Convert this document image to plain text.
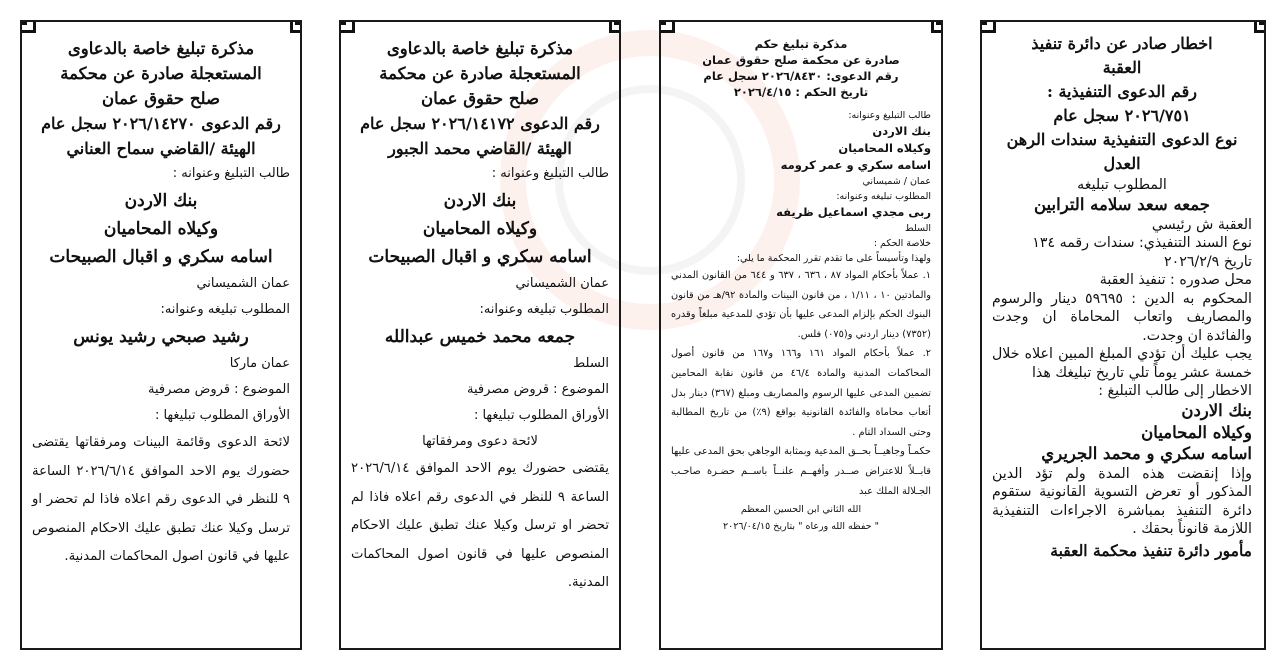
اخطار صادر عن دائرة تنفيذ
العقبة
رقم الدعوى التنفيذية :
٢٠٢٦/٧٥١ سجل عام
نوع الدعوى التنفيذية سندات الرهن
العدل
المطلوب تبليغه
جمعه سعد سلامه الترابين
العقبة ش رئيسي
نوع السند التنفيذي: سندات رقمه ١٣٤
تاريخ ٢٠٢٦/٢/٩
محل صدوره : تنفيذ العقبة
المحكوم به الدين : ٥٩٦٩٥ دينار والرسوم والمصاريف واتعاب المحاماة ان وجدت والفائدة ان وجدت.
يجب عليك أن تؤدي المبلغ المبين اعلاه خلال خمسة عشر يوماً تلي تاريخ تبليغك هذا
الاخطار إلى طالب التبليغ :
بنك الاردن
وكيلاه المحاميان
اسامه سكري و محمد الجريري
وإذا إنقضت هذه المدة ولم تؤد الدين المذكور أو تعرض التسوية القانونية ستقوم دائرة التنفيذ بمباشرة الاجراءات التنفيذية اللازمة قانوناً بحقك .
مأمور دائرة تنفيذ محكمة العقبة
مذكرة تبليغ حكم
صادرة عن محكمة صلح حقوق عمان
رقم الدعوى: ٢٠٢٦/٨٤٣٠ سجل عام
تاريخ الحكم : ٢٠٢٦/٤/١٥
طالب التبليغ وعنوانه:
بنك الاردن
وكيلاه المحاميان
اسامه سكري و عمر كرومه
عمان / شميساني
المطلوب تبليغه وعنوانه:
ربى مجدي اسماعيل ظريفه
السلط
خلاصة الحكم :
ولهذا وتأسيساً على ما تقدم تقرر المحكمة ما يلي:
١. عملاً بأحكام المواد ٨٧ ، ٦٣٦ ، ٦٣٧ و ٦٤٤ من القانون المدني والمادتين ١٠ ، ١/١١ ، من قانون البينات والمادة ٩٢/هـ من قانون البنوك الحكم بإلزام المدعى عليها بأن تؤدي للمدعية مبلغاً وقدره (٧٣٥٢) دينار اردني و(٠٧٥) فلس.
٢. عملاً بأحكام المواد ١٦١ و١٦٦ و١٦٧ من قانون أصول المحاكمات المدنية والمادة ٤٦/٤ من قانون نقابة المحامين تضمين المدعى عليها الرسوم والمصاريف ومبلغ (٣٦٧) دينار بدل أتعاب محاماة والفائدة القانونية بواقع (٩٪) من تاريخ المطالبة وحتى السداد التام .
حكمـاً وجاهيــاً بحــق المدعية وبمثابة الوجاهي بحق المدعى عليها قابــلاً للاعتراض صــدر وأفهــم علنــاً باســم حضـرة صاحـب الجـلالة الملك عبد
الله الثاني ابن الحسين المعظم
" حفظه الله ورعاه " بتاريخ ٢٠٢٦/٠٤/١٥
مذكرة تبليغ خاصة بالدعاوى
المستعجلة صادرة عن محكمة
صلح حقوق عمان
رقم الدعوى ٢٠٢٦/١٤١٧٢ سجل عام
الهيئة /القاضي محمد الجبور
طالب التبليغ وعنوانه :
بنك الاردن
وكيلاه المحاميان
اسامه سكري و اقبال الصبيحات
عمان الشميساني
المطلوب تبليغه وعنوانه:
جمعه محمد خميس عبدالله
السلط
الموضوع : قروض مصرفية
الأوراق المطلوب تبليغها :
لائحة دعوى ومرفقاتها
يقتضى حضورك يوم الاحد الموافق ٢٠٢٦/٦/١٤ الساعة ٩ للنظر في الدعوى رقم اعلاه فاذا لم تحضر او ترسل وكيلا عنك تطبق عليك الاحكام المنصوص عليها في قانون اصول المحاكمات المدنية.
مذكرة تبليغ خاصة بالدعاوى
المستعجلة صادرة عن محكمة
صلح حقوق عمان
رقم الدعوى ٢٠٢٦/١٤٢٧٠ سجل عام
الهيئة /القاضي سماح العناني
طالب التبليغ وعنوانه :
بنك الاردن
وكيلاه المحاميان
اسامه سكري و اقبال الصبيحات
عمان الشميساني
المطلوب تبليغه وعنوانه:
رشيد صبحي رشيد يونس
عمان ماركا
الموضوع : قروض مصرفية
الأوراق المطلوب تبليغها :
لائحة الدعوى وقائمة البينات ومرفقاتها يقتضى حضورك يوم الاحد الموافق ٢٠٢٦/٦/١٤ الساعة ٩ للنظر في الدعوى رقم اعلاه فاذا لم تحضر او ترسل وكيلا عنك تطبق عليك الاحكام المنصوص عليها في قانون اصول المحاكمات المدنية.
